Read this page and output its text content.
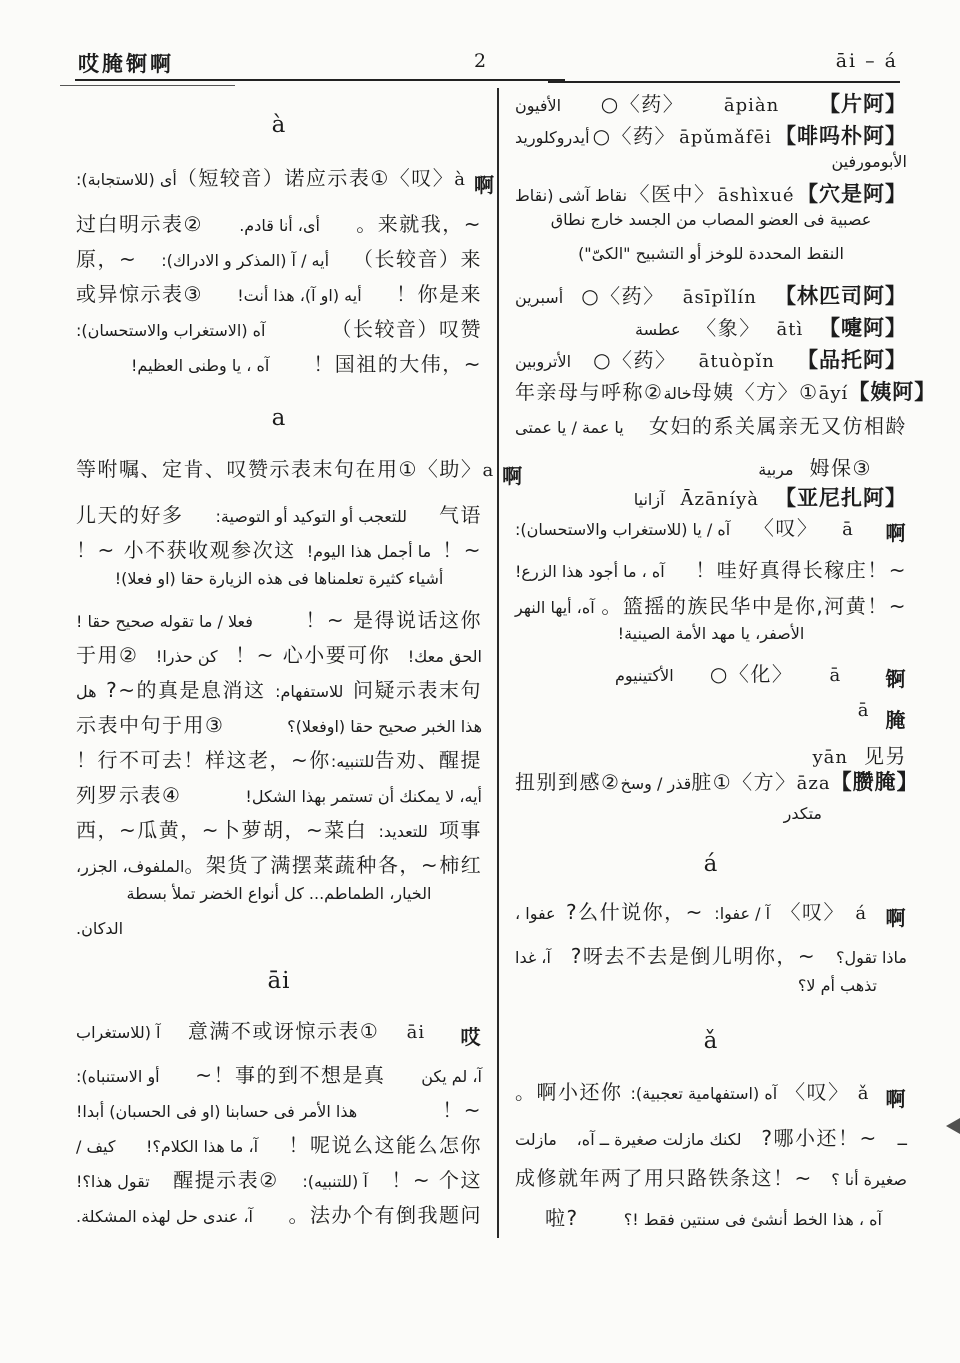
哎腌锕啊	2	āi – á
à
أى (للاستجابة): （短较音）诺应示表①〈叹〉 à 啊
过白明示表② أى، أنا قادم. 。来就我，~
原，~ أيه / آ (المذكر و الادراك): （长较音）来
或异惊示表③ أيه (او آ)، هذا أنت! ！你是来
آه (الاستغراب والاستحسان):	（长较音）叹赞
آه ، يا وطنى العظيم! ！国祖的大伟，~
a
等咐嘱、定肯、叹赞示表末句在用 ①〈助〉 a 啊
儿天的好多 للتعجب أو التوكيد أو التوصية: 气语
！~ 小不获收观参次这 ما أجمل هذا اليوم! ！~
أشياء كثيرة تعلمناها فى هذه الزيارة حقا (او فعلا)!
فعلا / ما تقوله صحيح حقا !	！~ 是得说话这你
于用② كن حذرا! ！~ 心小要可你 الحق معك!
هل ?~的真是息消这 للاستفهام: 问疑示表末句
示表中句于用③	هذا الخبر صحيح حقا (اوفعلا)؟
！行不可去！样这老，~你 للتنبيه: 告劝、醒提
列罗示表④	أيه، لا يمكنك أن تستمر بهذا الشكل!
西，~瓜黄，~卜萝胡，~菜白 للتعديد: 项事
الملفوف، الجزر، 。架货了满摆菜蔬种各，~柿红
الخيار، الطماطم... كل أنواع الخضر تملأ بسطة
الدكان.
āi
آ (للاستغراب 意满不或讶惊示表① āi 哎
أو الاستنباه): ~！事的到不想是真 آ، لم يكن
هذا الأمر فى حسابنا (او فى الحسبان) أبدا!	！~
كيف / آ، ما هذا الكلام؟! ！呢说么这能么怎你
تقول هذا؟! 醒提示表② آ (للتنبيه): ！~ 个这
آ، عندى حل لهذه المشكلة. 。法办个有倒我题问
الأفيون ○〈药〉 āpiàn 【片阿】
أيدروكلوريد ○〈药〉 āpǔmǎfēi 【啡吗朴阿】
الأبومورفين
نقاط آشى (نقاط 〈医中〉 āshìxué 【穴是阿】
عصبية فى العضو المصاب من الجسد خارج نطاق
النقط المحددة للوخز أو التشبيح "الكىّ")
أسبرين ○〈药〉 āsīpǐlín 【林匹司阿】
عطسة 〈象〉 ātì 【嚏阿】
الأتروبين ○〈药〉 ātuòpǐn 【品托阿】
年亲母与呼称② خالة 母姨〈方〉① āyí 【姨阿】
يا عمة / يا عمتى 女妇的系关属亲无又仿相龄
مربية 姆保③
آزانيا Āzāníyà 【亚尼扎阿】
آه / يا (للاستغراب والاستحسان): 〈叹〉 ā 啊
آه ، ما أجود هذا الزرع! ！哇好真得长稼庄！~
آه، أيها النهر 。篮摇的族民华中是你,河黄！~
الأصفر، يا مهد الأمة الصينية!
الأكتينيوم ○〈化〉 ā 锕
ā 腌
yān 见另
扭别到感② قذر / وسخ 脏①〈方〉 āza 【臜腌】
متكدر
á
عفوا ، ?么什说你，~ آ / عفوا: 〈叹〉 á 啊
آ، غدا ?呀去不去是倒儿明你，~ ماذا تقول؟
تذهب أم لا؟
ǎ
。啊小还你 آه (استفهامية تعجبية): 〈叹〉 ǎ 啊
مازلت لكنك مازلت صغيرة ــ آه، ?哪小还！~ ــ
成修就年两了用只路铁条这！~ صغيرة أنا ؟
啦?	آه ، هذا الخط أنشئ فى سنتين فقط !؟
